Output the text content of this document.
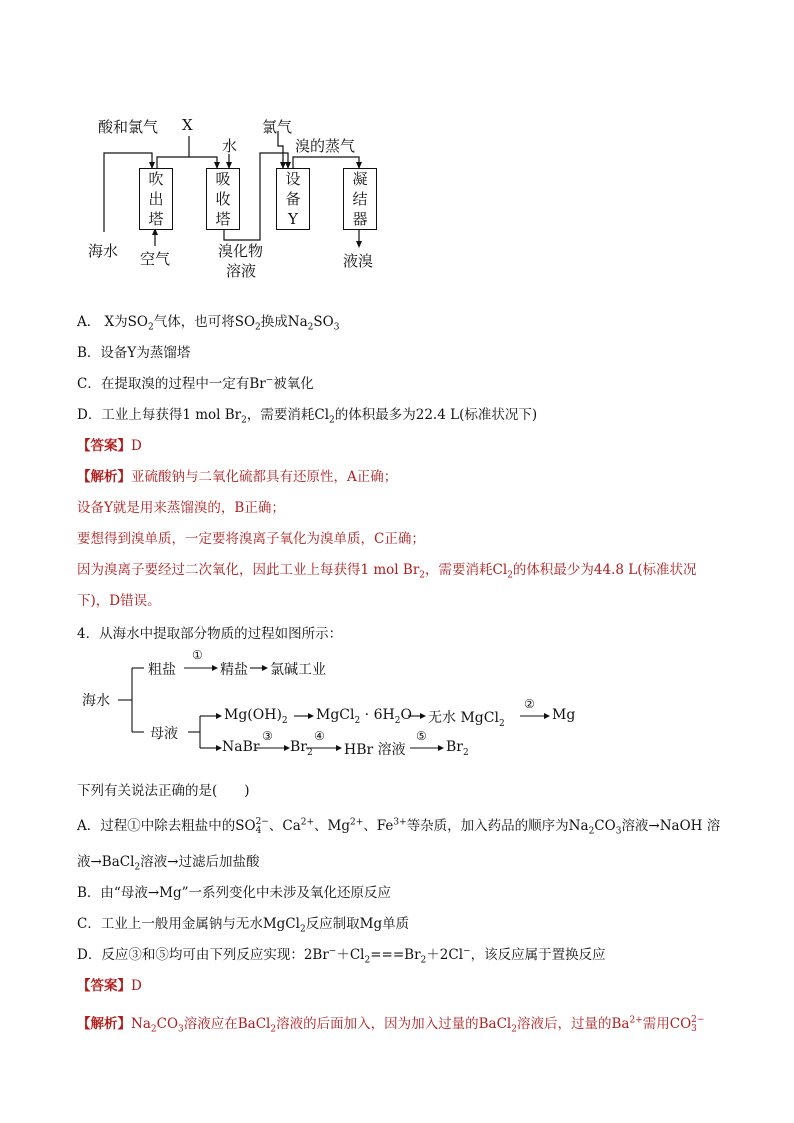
酸和氯气 X
水
氯气
溴的蒸气
海水 空气	溴化物
溶液
液溴
吹
出
塔
吸
收
塔
设
备
Y
凝
结
器
A． X为$SO_2$气体，也可将$SO_2$换成$Na_2SO_3$
B．设备Y为蒸馏塔
C．在提取溴的过程中一定有Br−被氧化
D．工业上每获得1 mol $Br_2$，需要消耗$Cl_2$的体积最多为22.4 L(标准状况下)
【答案】D
【解析】亚硫酸钠与二氧化硫都具有还原性，A正确；
设备Y就是用来蒸馏溴的，B正确；
要想得到溴单质，一定要将溴离子氧化为溴单质，C正确；
因为溴离子要经过二次氧化，因此工业上每获得1 mol $Br_2$，需要消耗$Cl_2$的体积最少为44.8 L(标准状况
下)，D错误。
4．从海水中提取部分物质的过程如图所示：
海水
粗盐
①
精盐 氯碱工业
母液
$Mg(OH)_2$ MgCl$_2$ · $6H_2O$ 无水 MgCl$_2$
②
Mg
NaBr
③
$Br_2$
④
HBr 溶液
⑤
$Br_2$
下列有关说法正确的是(　　)
A．过程①中除去粗盐中的SO 2−
4 、$Ca^{2+}$、$Mg^{2+}$、$Fe^{3+}$等杂质，加入药品的顺序为$Na_2CO_3$溶液→NaOH 溶
液→BaCl$_2$溶液→过滤后加盐酸
B．由“母液→Mg”一系列变化中未涉及氧化还原反应
C．工业上一般用金属钠与无水MgCl$_2$反应制取Mg单质
D．反应③和⑤均可由下列反应实现：$2Br^-+Cl_2===Br_2+2Cl^-$，该反应属于置换反应
【答案】D
【解析】$Na_2CO_3$溶液应在BaCl$_2$溶液的后面加入，因为加入过量的BaCl$_2$溶液后，过量的$Ba^{2+}$需用CO 2−
3
